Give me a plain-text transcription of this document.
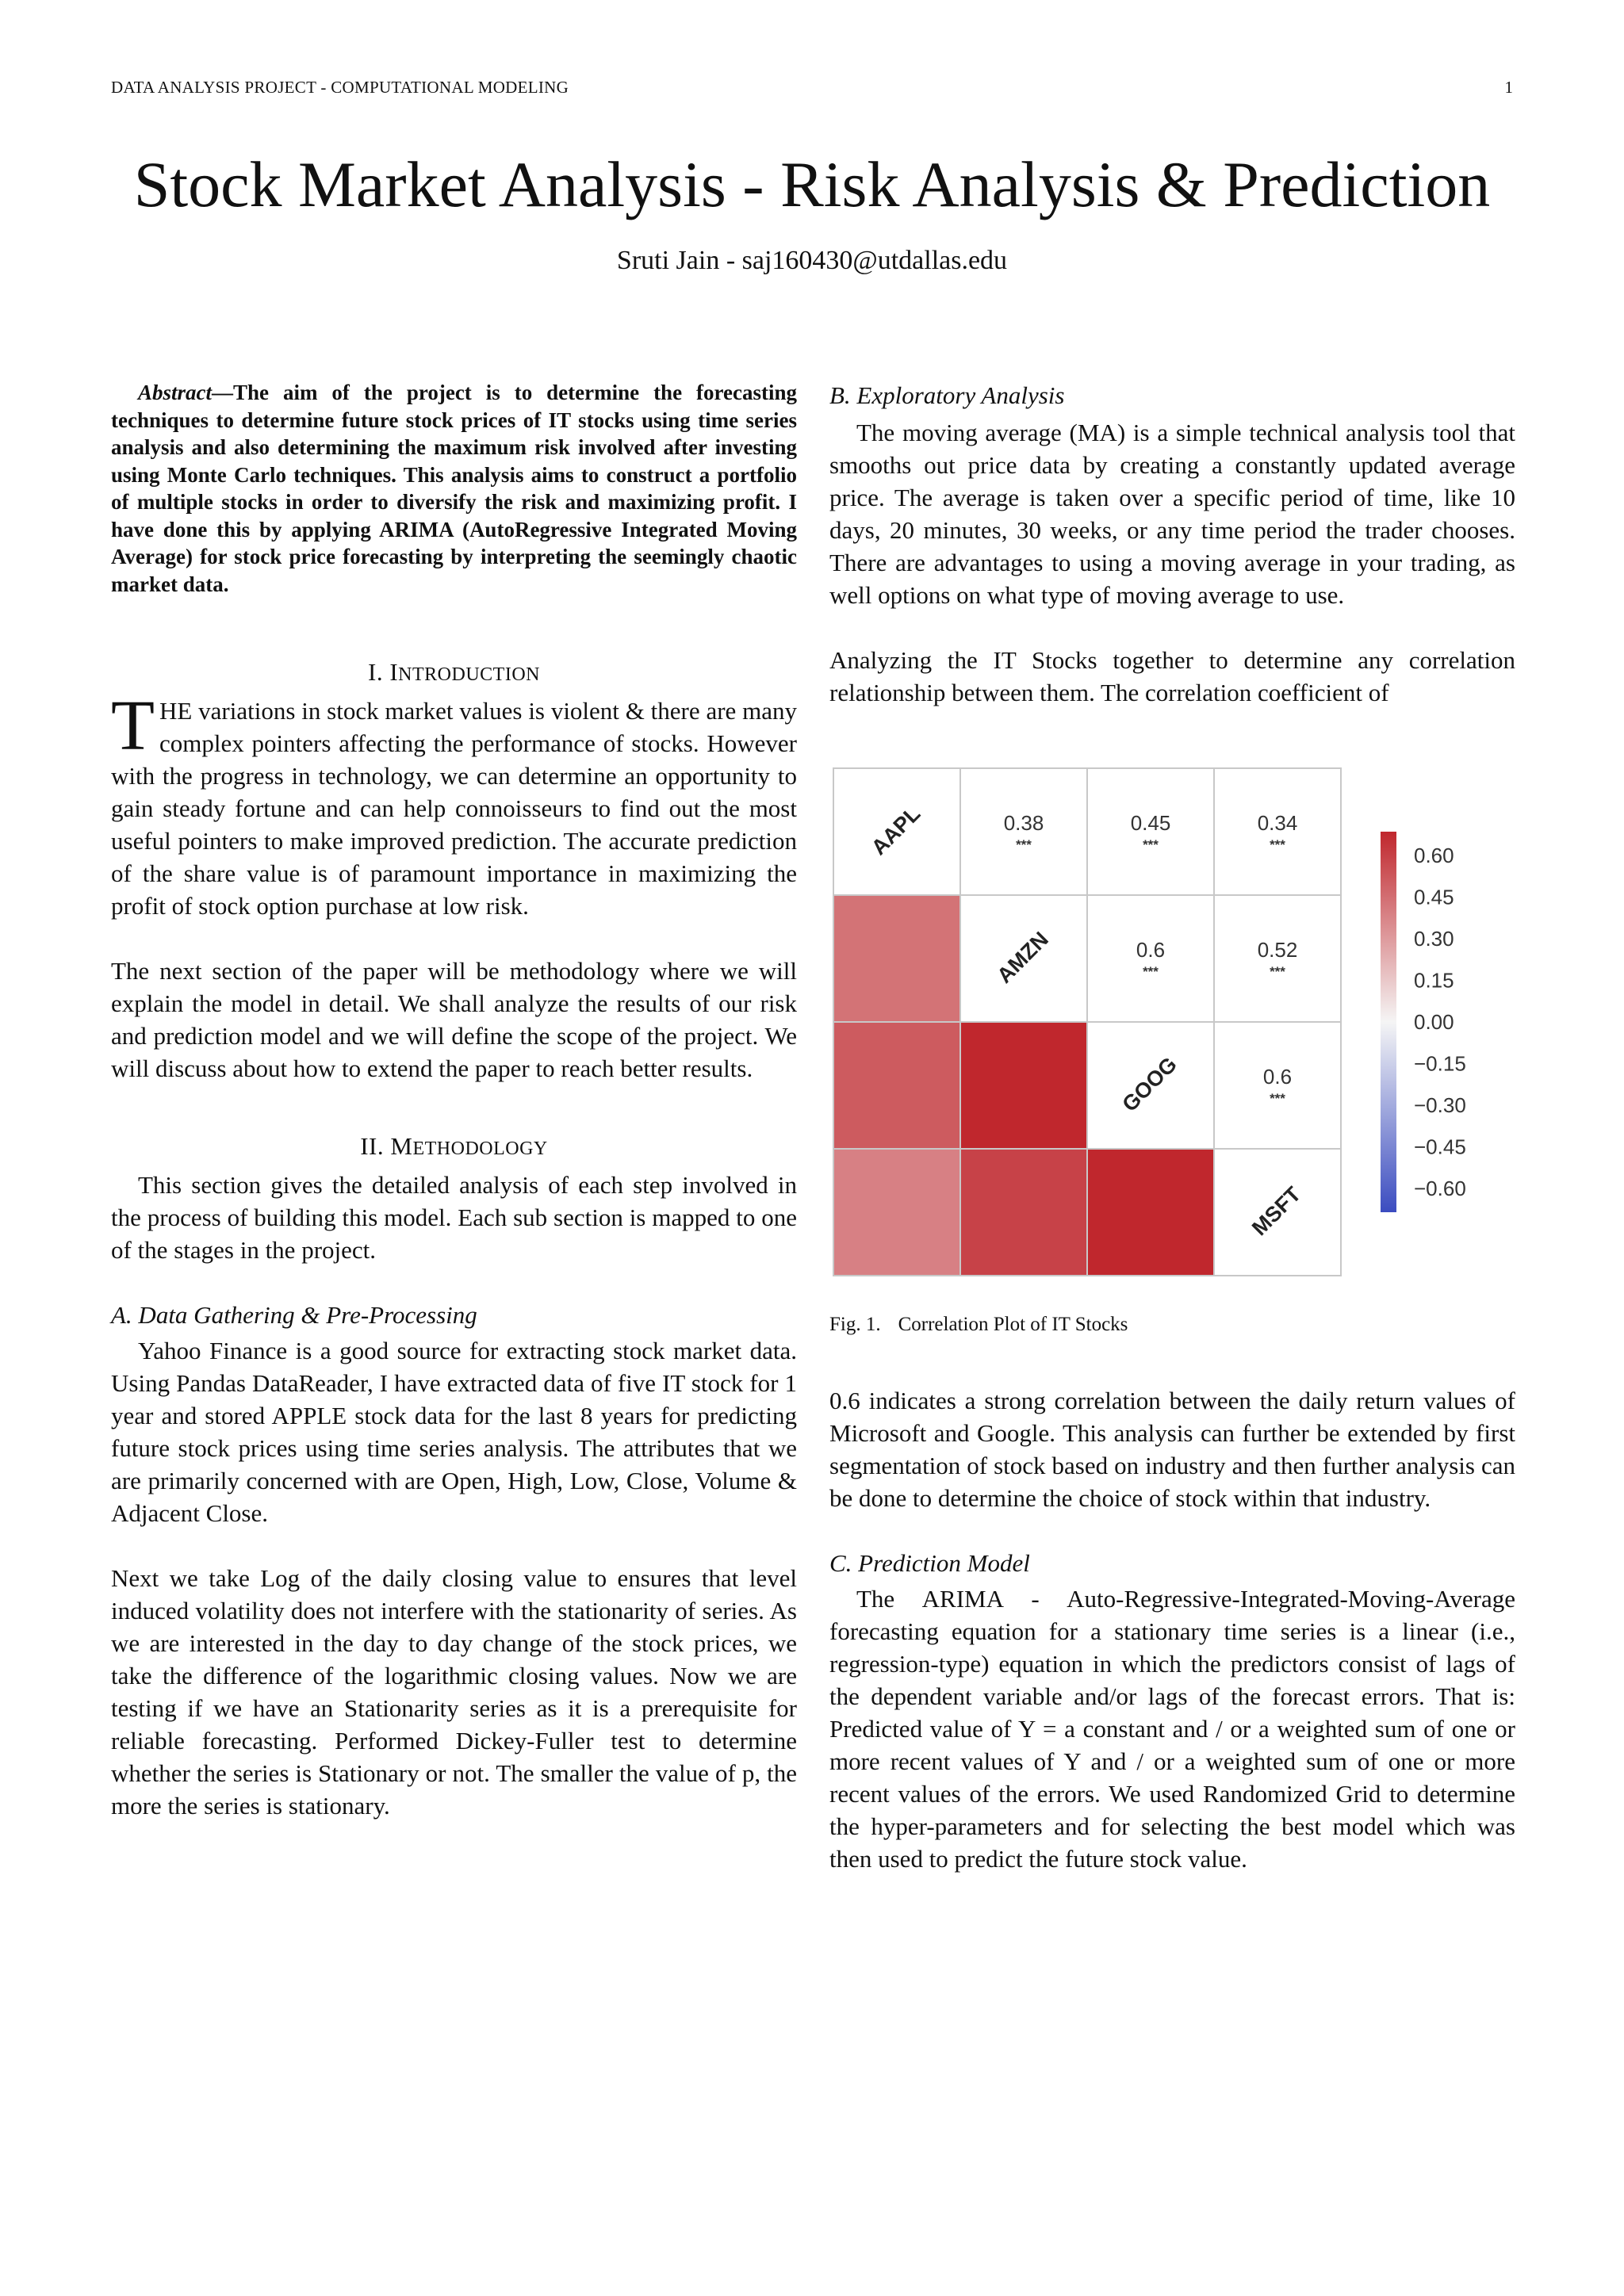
DATA ANALYSIS PROJECT - COMPUTATIONAL MODELING	1
Stock Market Analysis - Risk Analysis & Prediction
Sruti Jain - saj160430@utdallas.edu
Abstract—The aim of the project is to determine the forecasting techniques to determine future stock prices of IT stocks using time series analysis and also determining the maximum risk involved after investing using Monte Carlo techniques. This analysis aims to construct a portfolio of multiple stocks in order to diversify the risk and maximizing profit. I have done this by applying ARIMA (AutoRegressive Integrated Moving Average) for stock price forecasting by interpreting the seemingly chaotic market data.
I. INTRODUCTION

THE variations in stock market values is violent & there are many complex pointers affecting the performance of stocks. However with the progress in technology, we can determine an opportunity to gain steady fortune and can help connoisseurs to find out the most useful pointers to make improved prediction. The accurate prediction of the share value is of paramount importance in maximizing the profit of stock option purchase at low risk.

The next section of the paper will be methodology where we will explain the model in detail. We shall analyze the results of our risk and prediction model and we will define the scope of the project. We will discuss about how to extend the paper to reach better results.

II. METHODOLOGY

This section gives the detailed analysis of each step involved in the process of building this model. Each sub section is mapped to one of the stages in the project.

A. Data Gathering & Pre-Processing

Yahoo Finance is a good source for extracting stock market data. Using Pandas DataReader, I have extracted data of five IT stock for 1 year and stored APPLE stock data for the last 8 years for predicting future stock prices using time series analysis. The attributes that we are primarily concerned with are Open, High, Low, Close, Volume & Adjacent Close.

Next we take Log of the daily closing value to ensures that level induced volatility does not interfere with the stationarity of series. As we are interested in the day to day change of the stock prices, we take the difference of the logarithmic closing values. Now we are testing if we have an Stationarity series as it is a prerequisite for reliable forecasting. Performed Dickey-Fuller test to determine whether the series is Stationary or not. The smaller the value of p, the more the series is stationary.

B. Exploratory Analysis

The moving average (MA) is a simple technical analysis tool that smooths out price data by creating a constantly updated average price. The average is taken over a specific period of time, like 10 days, 20 minutes, 30 weeks, or any time period the trader chooses. There are advantages to using a moving average in your trading, as well options on what type of moving average to use.

Analyzing the IT Stocks together to determine any correlation relationship between them. The correlation coefficient of

AAPL
AMZN
GOOG
MSFT
0.38
***
0.45
***
0.34
***
0.6
***
0.52
***
0.6
***
0.60
0.45
0.30
0.15
0.00
−0.15
−0.30
−0.45
−0.60
Fig. 1. Correlation Plot of IT Stocks

0.6 indicates a strong correlation between the daily return values of Microsoft and Google. This analysis can further be extended by first segmentation of stock based on industry and then further analysis can be done to determine the choice of stock within that industry.

C. Prediction Model

The ARIMA - Auto-Regressive-Integrated-Moving-Average forecasting equation for a stationary time series is a linear (i.e., regression-type) equation in which the predictors consist of lags of the dependent variable and/or lags of the forecast errors. That is: Predicted value of Y = a constant and / or a weighted sum of one or more recent values of Y and / or a weighted sum of one or more recent values of the errors. We used Randomized Grid to determine the hyper-parameters and for selecting the best model which was then used to predict the future stock value.
